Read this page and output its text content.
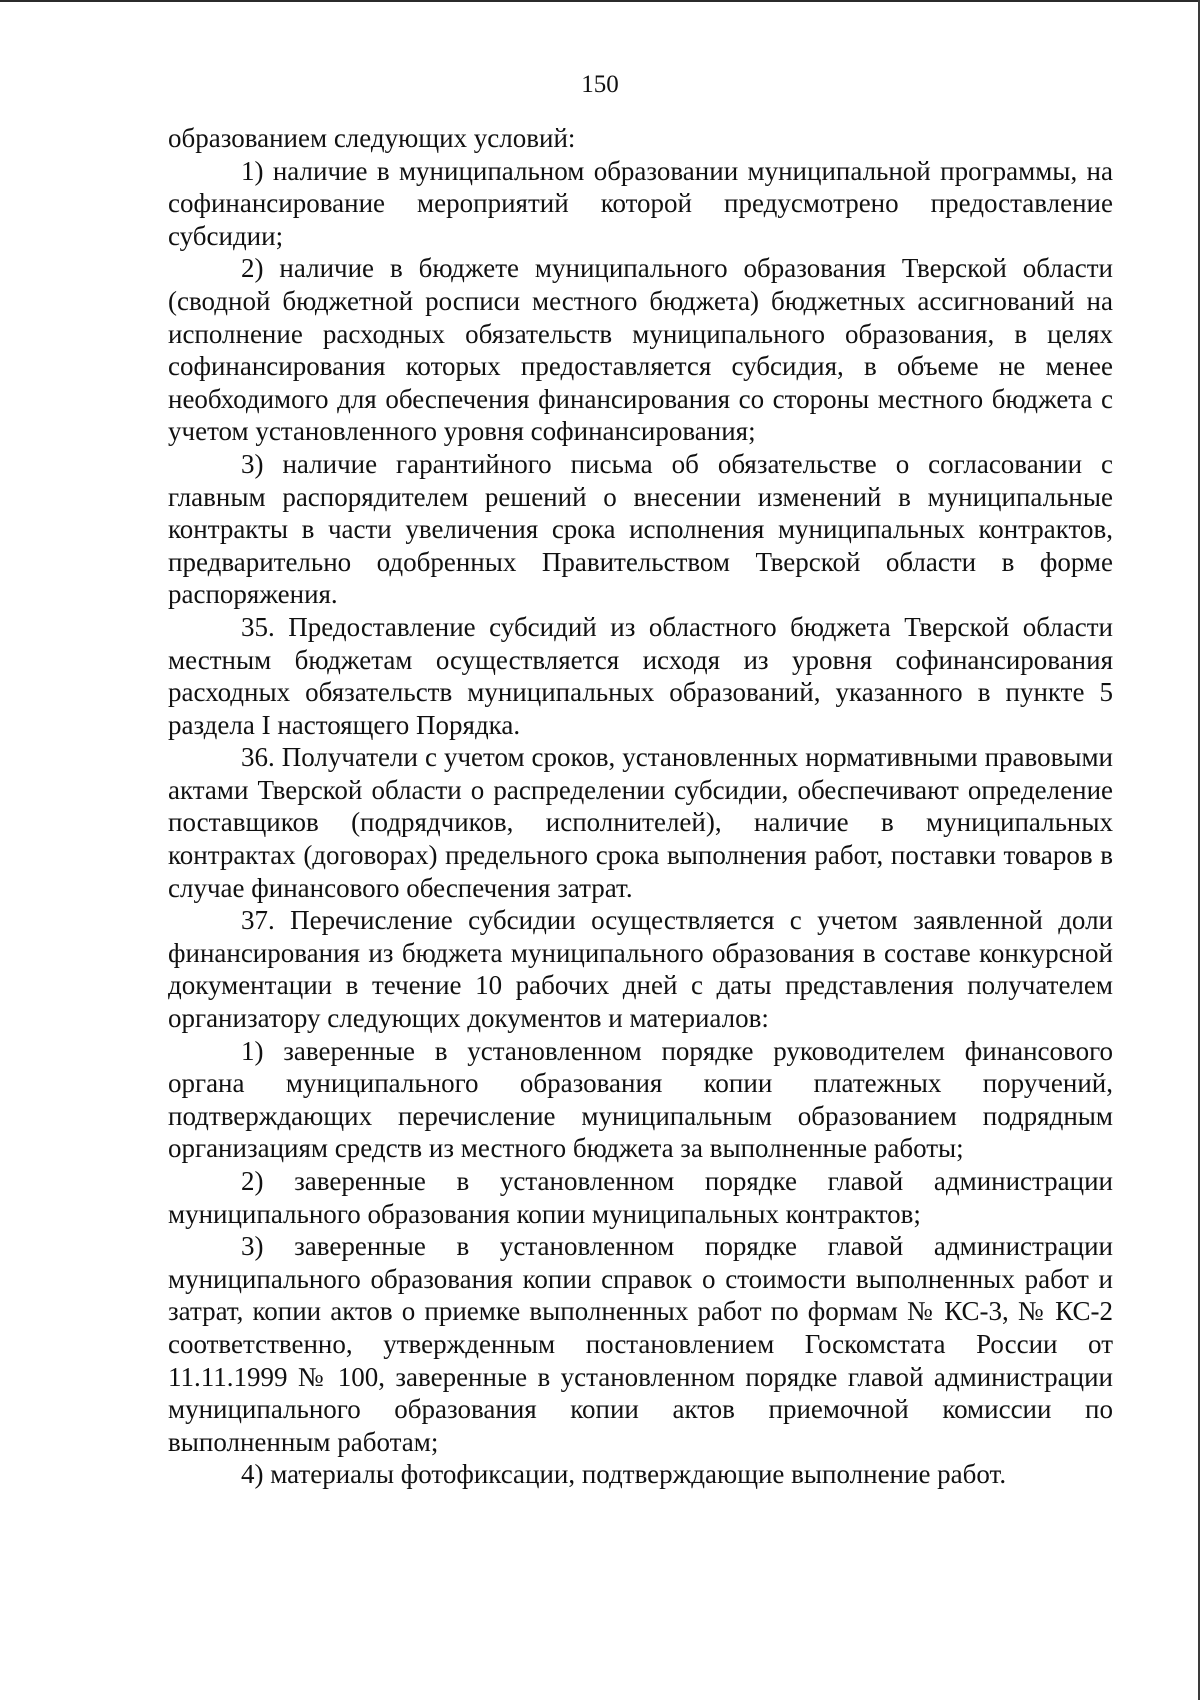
150

образованием следующих условий:

1) наличие в муниципальном образовании муниципальной программы, на софинансирование мероприятий которой предусмотрено предоставление субсидии;

2) наличие в бюджете муниципального образования Тверской области (сводной бюджетной росписи местного бюджета) бюджетных ассигнований на исполнение расходных обязательств муниципального образования, в целях софинансирования которых предоставляется субсидия, в объеме не менее необходимого для обеспечения финансирования со стороны местного бюджета с учетом установленного уровня софинансирования;

3) наличие гарантийного письма об обязательстве о согласовании с главным распорядителем решений о внесении изменений в муниципальные контракты в части увеличения срока исполнения муниципальных контрактов, предварительно одобренных Правительством Тверской области в форме распоряжения.

35. Предоставление субсидий из областного бюджета Тверской области местным бюджетам осуществляется исходя из уровня софинансирования расходных обязательств муниципальных образований, указанного в пункте 5 раздела I настоящего Порядка.

36. Получатели с учетом сроков, установленных нормативными правовыми актами Тверской области о распределении субсидии, обеспечивают определение поставщиков (подрядчиков, исполнителей), наличие в муниципальных контрактах (договорах) предельного срока выполнения работ, поставки товаров в случае финансового обеспечения затрат.

37. Перечисление субсидии осуществляется с учетом заявленной доли финансирования из бюджета муниципального образования в составе конкурсной документации в течение 10 рабочих дней с даты представления получателем организатору следующих документов и материалов:

1) заверенные в установленном порядке руководителем финансового органа муниципального образования копии платежных поручений, подтверждающих перечисление муниципальным образованием подрядным организациям средств из местного бюджета за выполненные работы;

2) заверенные в установленном порядке главой администрации муниципального образования копии муниципальных контрактов;

3) заверенные в установленном порядке главой администрации муниципального образования копии справок о стоимости выполненных работ и затрат, копии актов о приемке выполненных работ по формам № КС-3, № КС-2 соответственно, утвержденным постановлением Госкомстата России от 11.11.1999 № 100, заверенные в установленном порядке главой администрации муниципального образования копии актов приемочной комиссии по выполненным работам;

4) материалы фотофиксации, подтверждающие выполнение работ.
